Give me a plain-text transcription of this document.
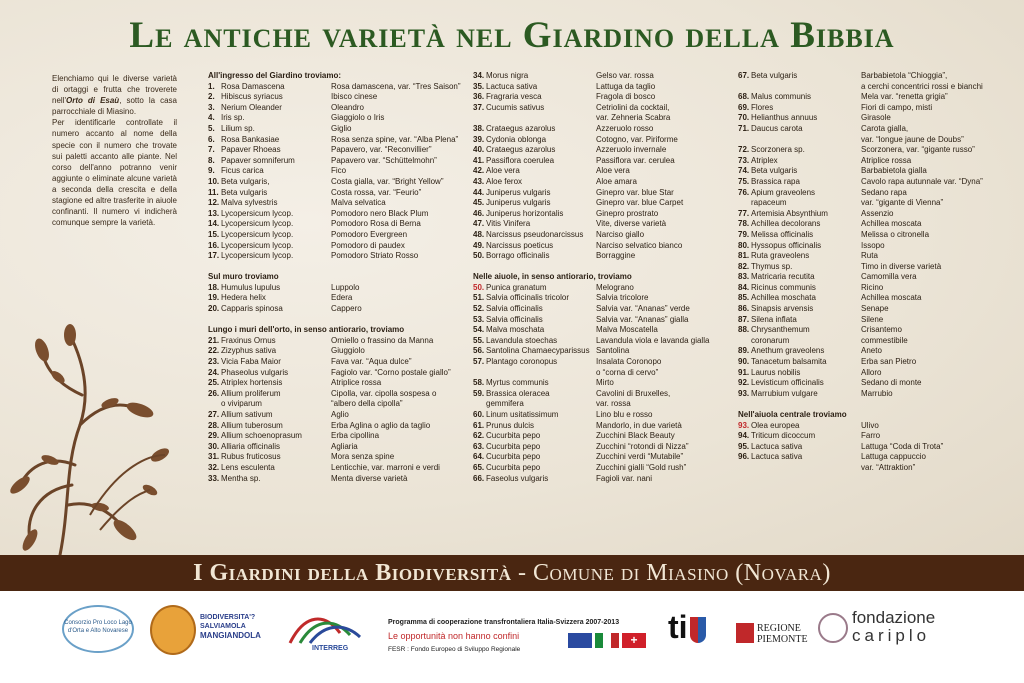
Le antiche varietà nel Giardino della Bibbia
Elenchiamo qui le diverse varietà di ortaggi e frutta che troverete nell'Orto di Esaù, sotto la casa parrocchiale di Miasino.
Per identificarle controllate il numero accanto al nome della specie con il numero che trovate sui paletti accanto alle piante. Nel corso dell'anno potranno venir aggiunte o eliminate alcune varietà a seconda della crescita e della stagione ed altre trasferite in aiuole confinanti. Il numero vi indicherà comunque sempre la varietà.
All'ingresso del Giardino troviamo:
1. Rosa Damascena	Rosa damascena, var. “Tres Saison”
2. Hibiscus syriacus	Ibisco cinese
3. Nerium Oleander	Oleandro
4. Iris sp.	Giaggiolo o Iris
5. Lilium sp.	Giglio
6. Rosa Bankasiae	Rosa senza spine, var. “Alba Plena”
7. Papaver Rhoeas	Papavero, var. “Reconvillier”
8. Papaver somniferum	Papavero var. “Schüttelmohn”
9. Ficus carica	Fico
10. Beta vulgaris,	Costa gialla, var. “Bright Yellow”
11. Beta vulgaris	Costa rossa, var. “Feurio”
12. Malva sylvestris	Malva selvatica
13. Lycopersicum lycop.	Pomodoro nero Black Plum
14. Lycopersicum lycop.	Pomodoro Rosa di Berna
15. Lycopersicum lycop.	Pomodoro Evergreen
16. Lycopersicum lycop.	Pomodoro di paudex
17. Lycopersicum lycop.	Pomodoro Striato Rosso
Sul muro troviamo
18. Humulus lupulus	Luppolo
19. Hedera helix	Edera
20. Capparis spinosa	Cappero
Lungo i muri dell'orto, in senso antiorario, troviamo
21. Fraxinus Ornus	Orniello o frassino da Manna
22. Zizyphus sativa	Giuggiolo
23. Vicia Faba Maior	Fava var. “Aqua dulce”
24. Phaseolus vulgaris	Fagiolo var. “Corno postale giallo”
25. Atriplex hortensis	Atriplice rossa
26. Allium proliferum	Cipolla, var. cipolla sospesa o
o viviparum	“albero della cipolla”
27. Allium sativum	Aglio
28. Allium tuberosum	Erba Aglina o aglio da taglio
29. Allium schoenoprasum	Erba cipollina
30. Alliaria officinalis	Agliaria
31. Rubus fruticosus	Mora senza spine
32. Lens esculenta	Lenticchie, var. marroni e verdi
33. Mentha sp.	Menta diverse varietà
34. Morus nigra	Gelso var. rossa
35. Lactuca sativa	Lattuga da taglio
36. Fragraria vesca	Fragola di bosco
37. Cucumis sativus	Cetriolini da cocktail,
var. Zehneria Scabra
38. Crataegus azarolus	Azzeruolo rosso
39. Cydonia oblonga	Cotogno, var. Piriforme
40. Crataegus azarolus	Azzeruolo invernale
41. Passiflora coerulea	Passiflora var. cerulea
42. Aloe vera	Aloe vera
43. Aloe ferox	Aloe amara
44. Juniperus vulgaris	Ginepro var. blue Star
45. Juniperus vulgaris	Ginepro var. blue Carpet
46. Juniperus horizontalis	Ginepro prostrato
47. Vitis Vinifera	Vite, diverse varietà
48. Narcissus pseudonarcissus	Narciso giallo
49. Narcissus poeticus	Narciso selvatico bianco
50. Borrago officinalis	Borraggine
Nelle aiuole, in senso antiorario, troviamo
50. Punica granatum	Melograno
51. Salvia officinalis tricolor	Salvia tricolore
52. Salvia officinalis	Salvia var. “Ananas” verde
53. Salvia officinalis	Salvia var. “Ananas” gialla
54. Malva moschata	Malva Moscatella
55. Lavandula stoechas	Lavandula viola e lavanda gialla
56. Santolina Chamaecyparissus Santolina
57. Plantago coronopus	Insalata Coronopo
o “corna di cervo”
58. Myrtus communis	Mirto
59. Brassica oleracea	Cavolini di Bruxelles,
gemmifera	var. rossa
60. Linum usitatissimum	Lino blu e rosso
61. Prunus dulcis	Mandorlo, in due varietà
62. Cucurbita pepo	Zucchini Black Beauty
63. Cucurbita pepo	Zucchini “rotondi di Nizza”
64. Cucurbita pepo	Zucchini verdi “Mutabile”
65. Cucurbita pepo	Zucchini gialli “Gold rush”
66. Faseolus vulgaris	Fagioli var. nani
67. Beta vulgaris	Barbabietola “Chioggia”,
a cerchi concentrici rossi e bianchi
68. Malus communis	Mela var. “renetta grigia”
69. Flores	Fiori di campo, misti
70. Helianthus annuus	Girasole
71. Daucus carota	Carota gialla,
var. “longue jaune de Doubs”
72. Scorzonera sp.	Scorzonera, var. “gigante russo”
73. Atriplex	Atriplice rossa
74. Beta vulgaris	Barbabietola gialla
75. Brassica rapa	Cavolo rapa autunnale var. “Dyna”
76. Apium graveolens	Sedano rapa
rapaceum	var. “gigante di Vienna”
77. Artemisia Absynthium	Assenzio
78. Achillea decolorans	Achillea moscata
79. Melissa officinalis	Melissa o citronella
80. Hyssopus officinalis	Issopo
81. Ruta graveolens	Ruta
82. Thymus sp.	Timo in diverse varietà
83. Matricaria recutita	Camomilla vera
84. Ricinus communis	Ricino
85. Achillea moschata	Achillea moscata
86. Sinapsis arvensis	Senape
87. Silena inflata	Silene
88. Chrysanthemum	Crisantemo
coronarum	commestibile
89. Anethum graveolens	Aneto
90. Tanacetum balsamita	Erba san Pietro
91. Laurus nobilis	Alloro
92. Levisticum officinalis	Sedano di monte
93. Marrubium vulgare	Marrubio
Nell'aiuola centrale troviamo
93. Olea europea	Ulivo
94. Triticum dicoccum	Farro
95. Lactuca sativa	Lattuga “Coda di Trota”
96. Lactuca sativa	Lattuga cappuccio
var. “Attraktion”
I Giardini della Biodiversità - Comune di Miasino (Novara)
Consorzio Pro Loco Lago d'Orta e Alto Novarese
BIODIVERSITA'?
SALVIAMOLA
MANGIANDOLA
INTERREG
Programma di cooperazione transfrontaliera Italia-Svizzera 2007-2013
Le opportunità non hanno confini
FESR : Fondo Europeo di Sviluppo Regionale
+ ti	REGIONE
PIEMONTE
fondazione
cariplo
